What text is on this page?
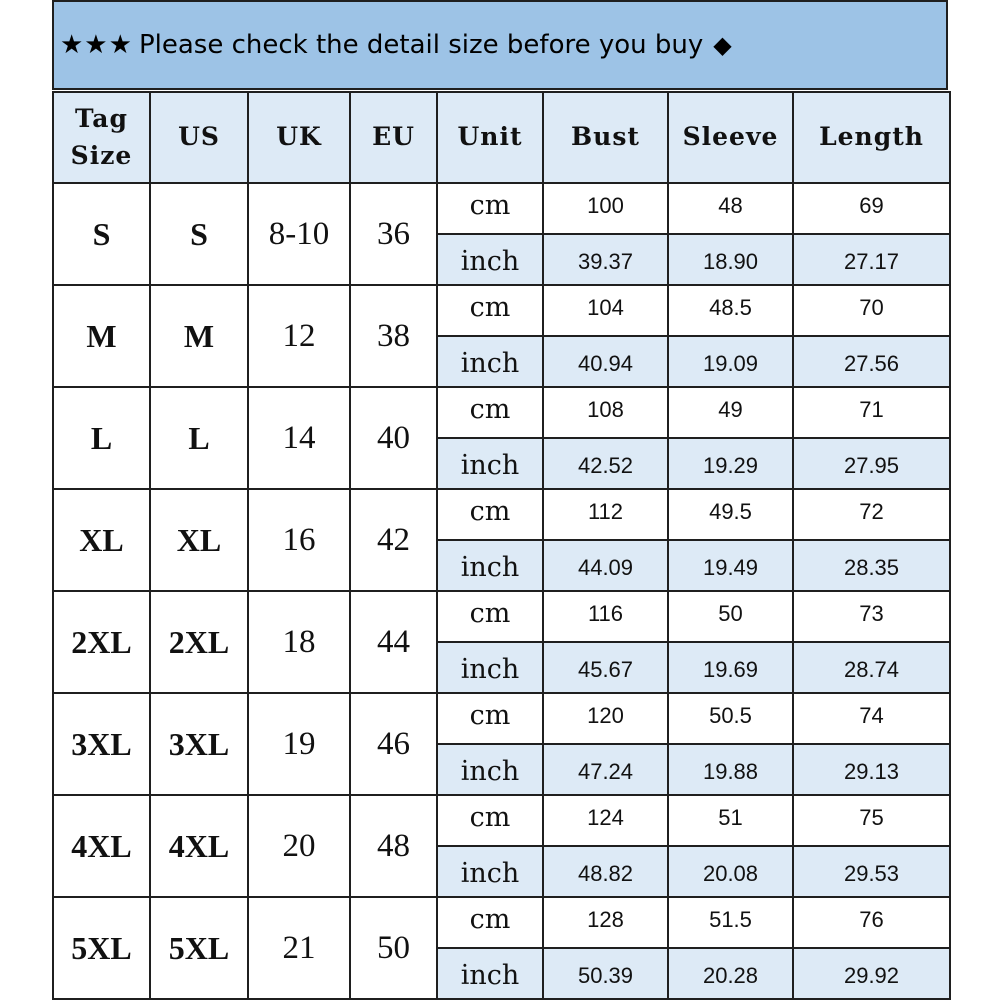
★★★ Please check the detail size before you buy ◆
Tag
Size	US	UK	EU	Unit	Bust	Sleeve	Length
S	S	8-10	36	cm	100	48	69
				inch	39.37	18.90	27.17
M	M	12	38	cm	104	48.5	70
				inch	40.94	19.09	27.56
L	L	14	40	cm	108	49	71
				inch	42.52	19.29	27.95
XL	XL	16	42	cm	112	49.5	72
				inch	44.09	19.49	28.35
2XL	2XL	18	44	cm	116	50	73
				inch	45.67	19.69	28.74
3XL	3XL	19	46	cm	120	50.5	74
				inch	47.24	19.88	29.13
4XL	4XL	20	48	cm	124	51	75
				inch	48.82	20.08	29.53
5XL	5XL	21	50	cm	128	51.5	76
				inch	50.39	20.28	29.92
